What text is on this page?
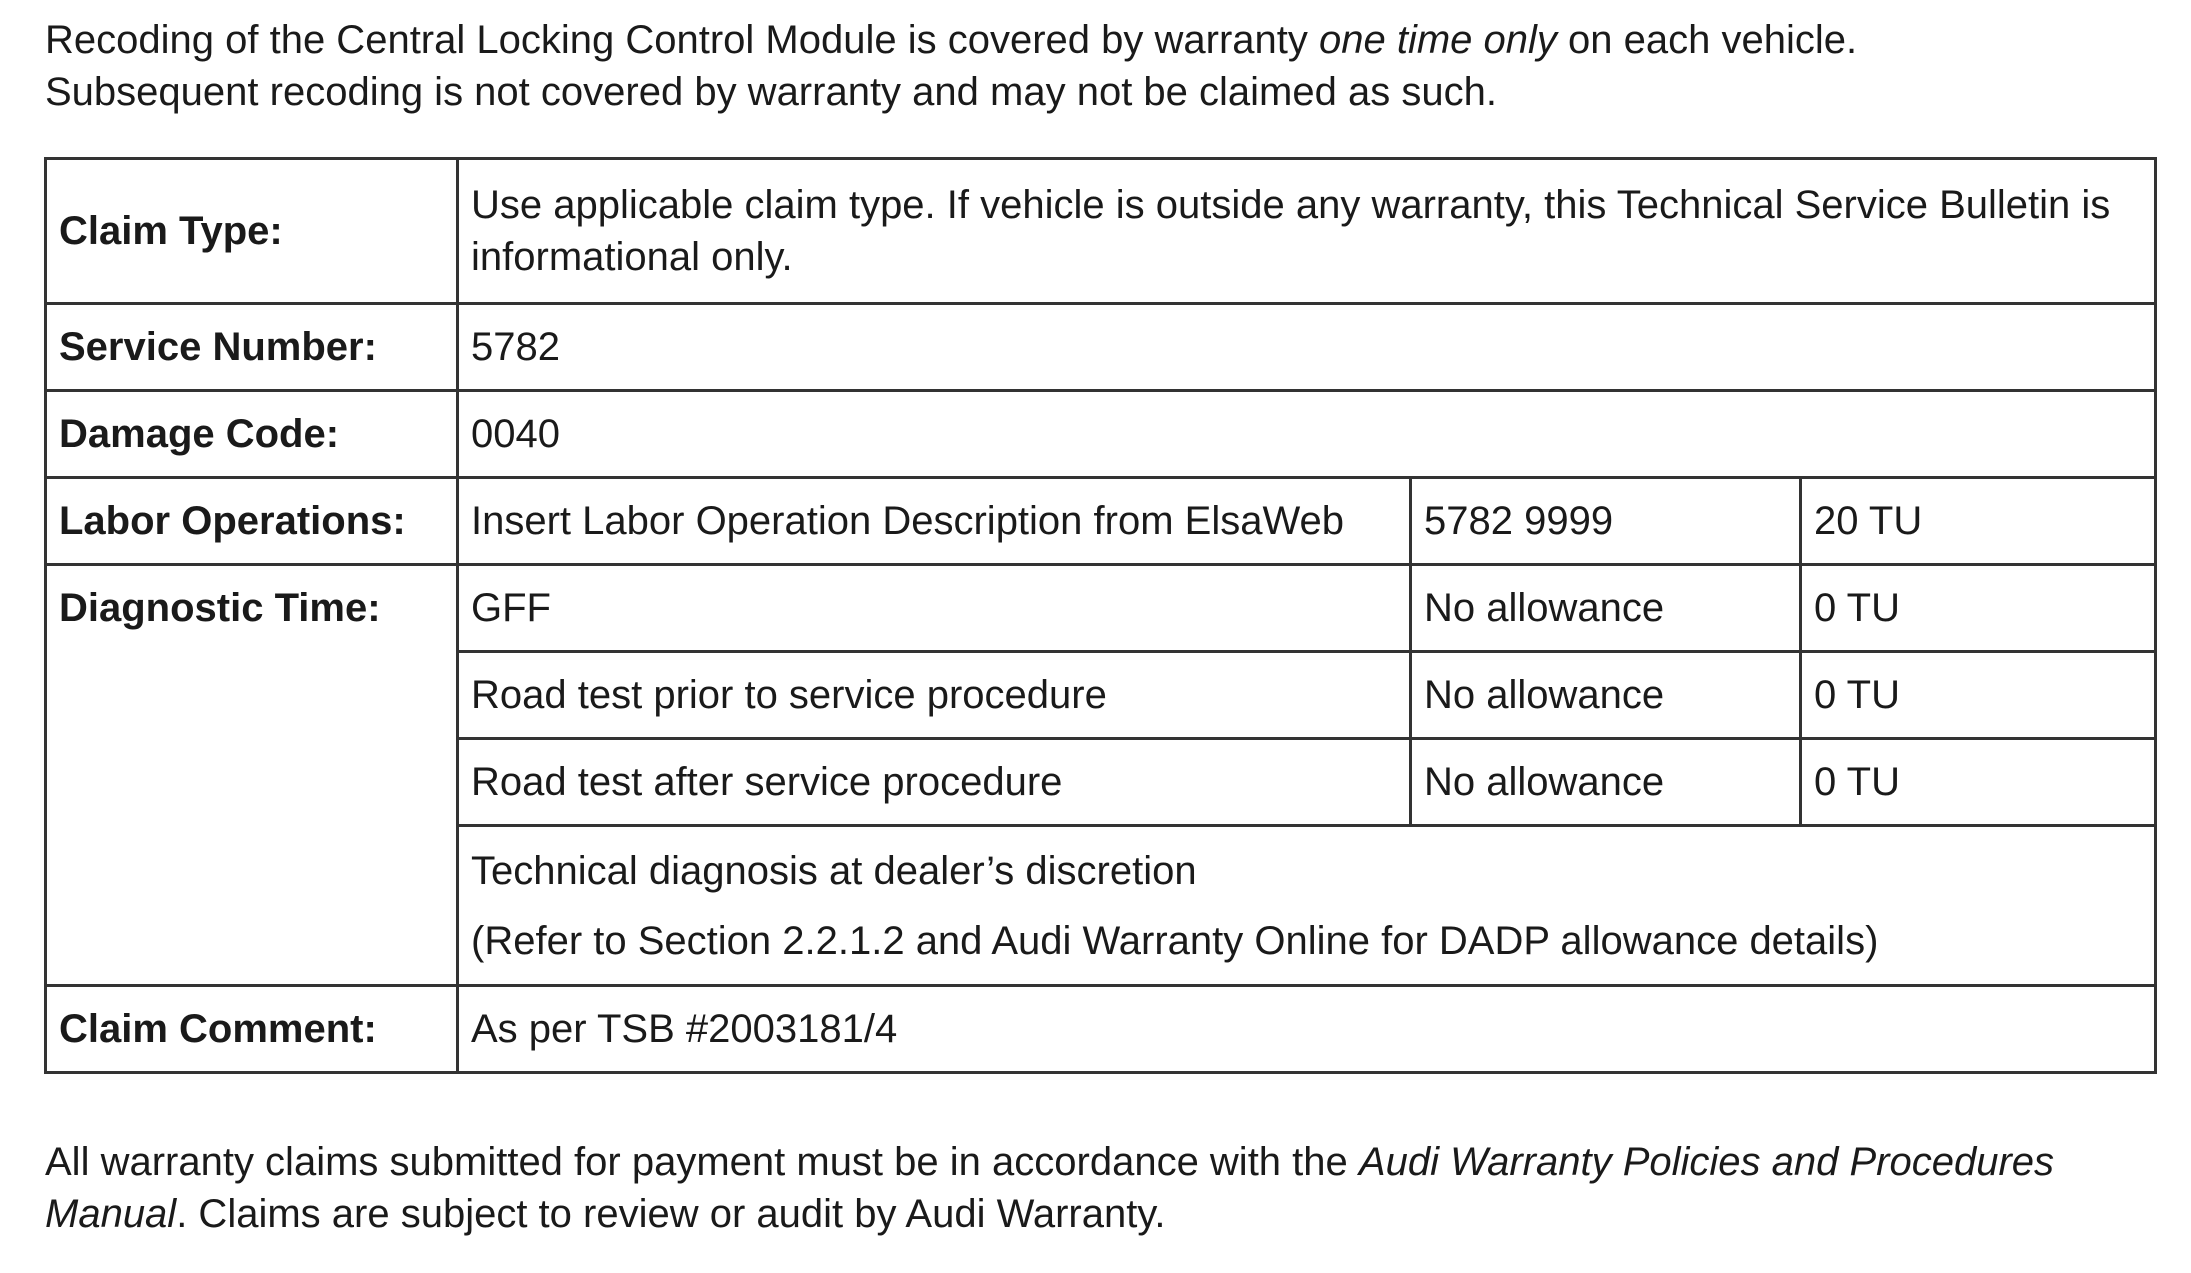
Recoding of the Central Locking Control Module is covered by warranty one time only on each vehicle.
Subsequent recoding is not covered by warranty and may not be claimed as such.

Claim Type:	Use applicable claim type. If vehicle is outside any warranty, this Technical Service Bulletin is informational only.		
Service Number:	5782		
Damage Code:	0040		
Labor Operations:	Insert Labor Operation Description from ElsaWeb	5782 9999	20 TU
Diagnostic Time:	GFF	No allowance	0 TU
	Road test prior to service procedure	No allowance	0 TU
	Road test after service procedure	No allowance	0 TU

	Technical diagnosis at dealer’s discretion
(Refer to Section 2.2.1.2 and Audi Warranty Online for DADP allowance details)		

Claim Comment:	As per TSB #2003181/4		

All warranty claims submitted for payment must be in accordance with the Audi Warranty Policies and Procedures Manual. Claims are subject to review or audit by Audi Warranty.
